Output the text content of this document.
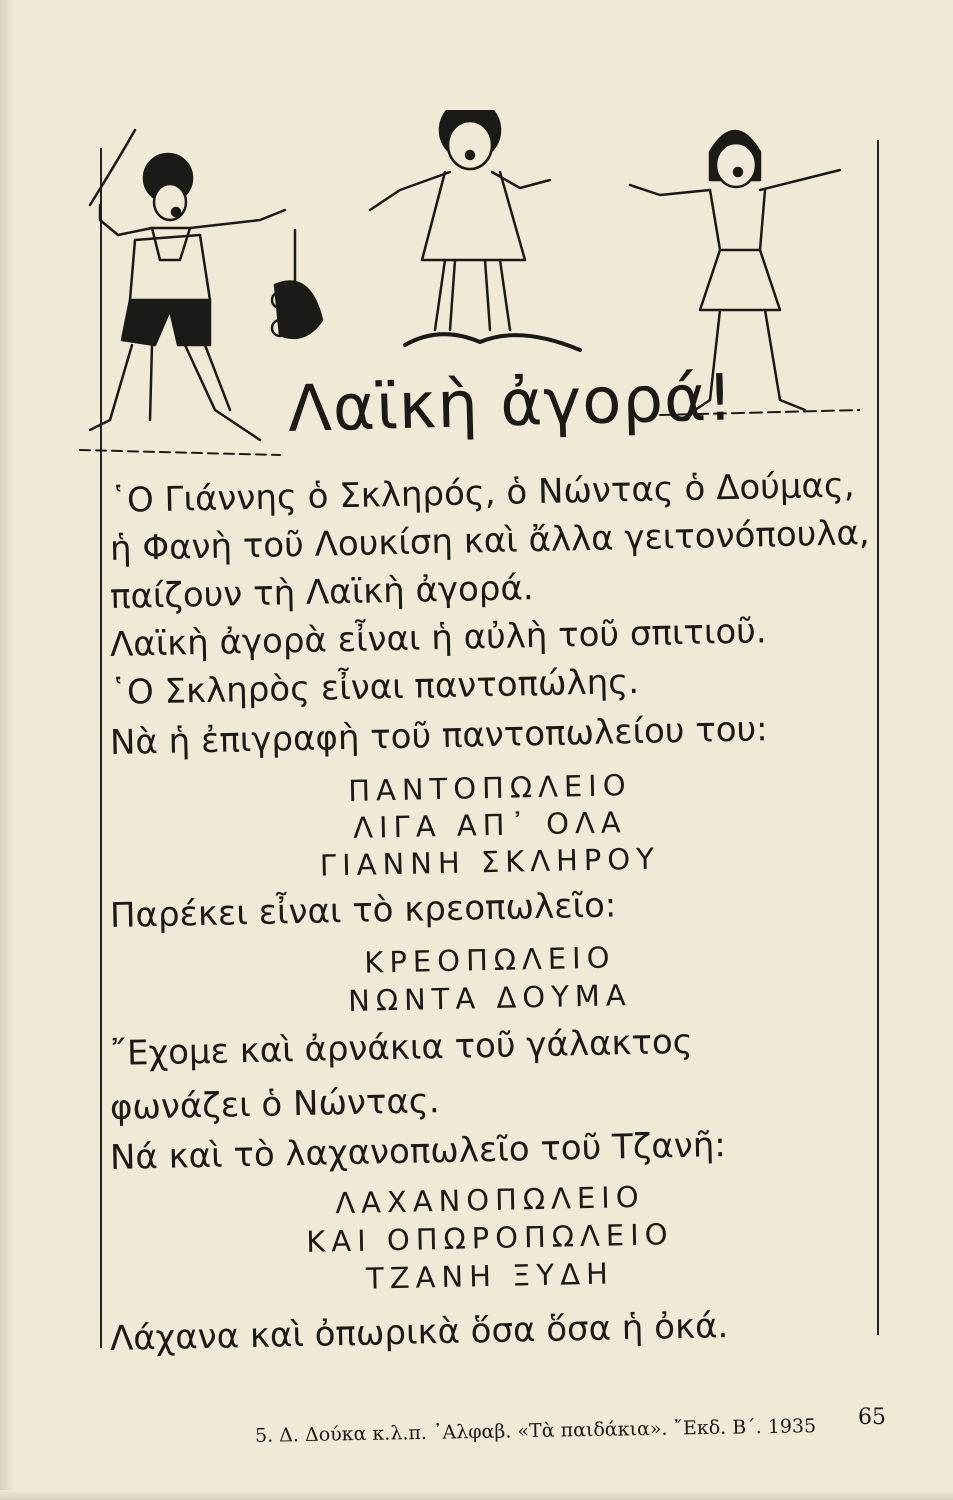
Λαϊκὴ ἀγορά!
῾Ο Γιάννης ὁ Σκληρός, ὁ Νώντας ὁ Δούμας,
ἡ Φανὴ τοῦ Λουκίση καὶ ἄλλα γειτονόπουλα,
παίζουν τὴ Λαϊκὴ ἀγορά.
Λαϊκὴ ἀγορὰ εἶναι ἡ αὐλὴ τοῦ σπιτιοῦ.
῾Ο Σκληρὸς εἶναι παντοπώλης.
Νὰ ἡ ἐπιγραφὴ τοῦ παντοπωλείου του:
ΠΑΝΤΟΠΩΛΕΙΟ
ΛΙΓΑ ΑΠ᾽ ΟΛΑ
ΓΙΑΝΝΗ ΣΚΛΗΡΟΥ
Παρέκει εἶναι τὸ κρεοπωλεῖο:
ΚΡΕΟΠΩΛΕΙΟ
ΝΩΝΤΑ ΔΟΥΜΑ
῎Εχομε καὶ ἀρνάκια τοῦ γάλακτος
φωνάζει ὁ Νώντας.
Νά καὶ τὸ λαχανοπωλεῖο τοῦ Τζανῆ:
ΛΑΧΑΝΟΠΩΛΕΙΟ
ΚΑΙ ΟΠΩΡΟΠΩΛΕΙΟ
ΤΖΑΝΗ ΞΥΔΗ
Λάχανα καὶ ὀπωρικὰ ὅσα ὅσα ἡ ὀκά.
5. Δ. Δούκα κ.λ.π. ᾽Αλφαβ. «Τὰ παιδάκια». ῎Εκδ. Β΄. 1935 65
